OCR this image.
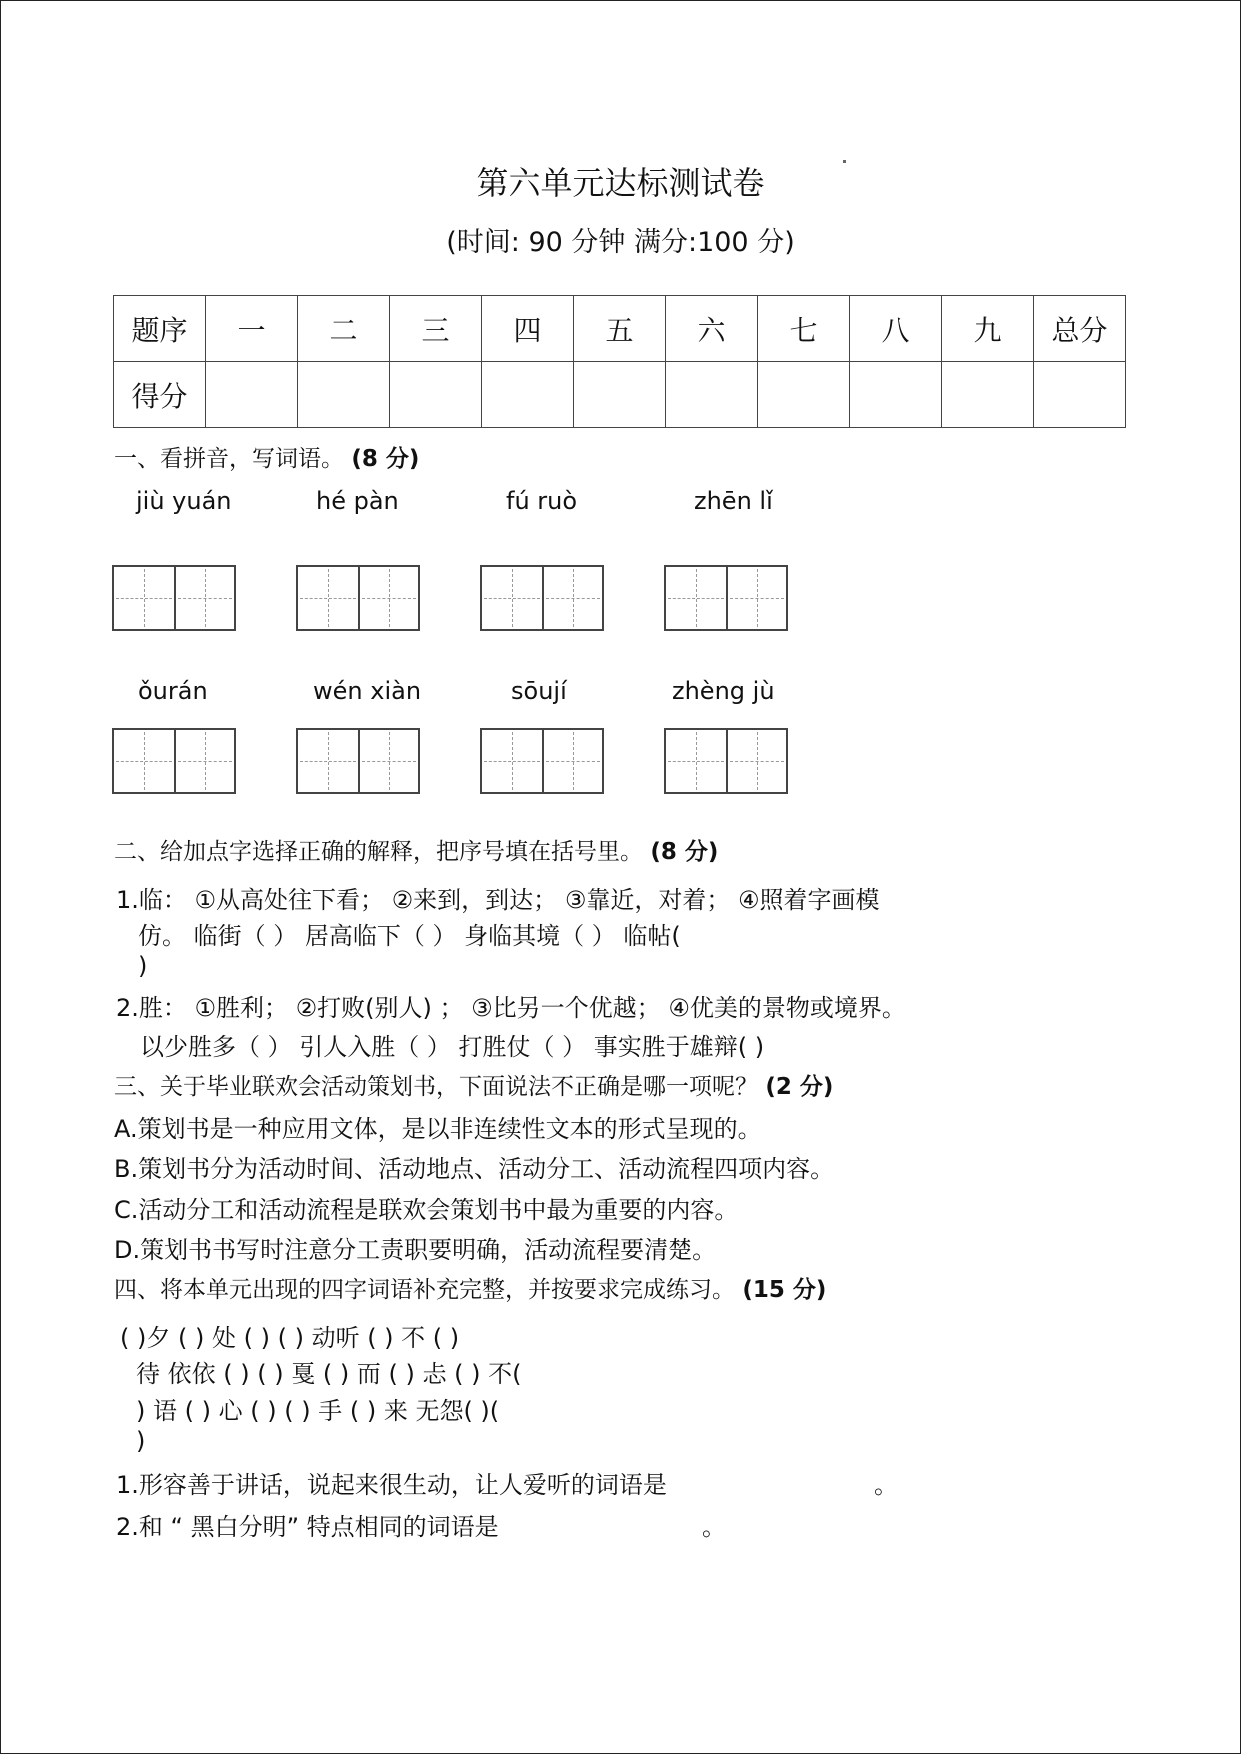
第六单元达标测试卷
(时间: 90 分钟 满分:100 分)
题序	一	二	三	四	五	六	七	八	九	总分
得分										
一、看拼音，写词语。 (8 分)
jiù yuán	hé pàn	fú ruò	zhēn lǐ
ǒurán	wén xiàn	sōují	zhèng jù
二、给加点字选择正确的解释，把序号填在括号里。 (8 分)
1.临： ①从高处往下看； ②来到，到达； ③靠近，对着； ④照着字画模
仿。 临街（ ） 居高临下（ ） 身临其境（ ） 临帖(
)
2.胜： ①胜利； ②打败(别人) ； ③比另一个优越； ④优美的景物或境界。
以少胜多（ ） 引人入胜（ ） 打胜仗（ ） 事实胜于雄辩( )
三、关于毕业联欢会活动策划书，下面说法不正确是哪一项呢？ (2 分)
A.策划书是一种应用文体，是以非连续性文本的形式呈现的。
B.策划书分为活动时间、活动地点、活动分工、活动流程四项内容。
C.活动分工和活动流程是联欢会策划书中最为重要的内容。
D.策划书书写时注意分工责职要明确，活动流程要清楚。
四、将本单元出现的四字词语补充完整，并按要求完成练习。 (15 分)
( )夕 ( ) 处 ( ) ( ) 动听 ( ) 不 ( )
待 依依 ( ) ( ) 戛 ( ) 而 ( ) 忐 ( ) 不(
) 语 ( ) 心 ( ) ( ) 手 ( ) 来 无怨( )(
)
1.形容善于讲话，说起来很生动，让人爱听的词语是	。
2.和 “ 黑白分明” 特点相同的词语是	。
